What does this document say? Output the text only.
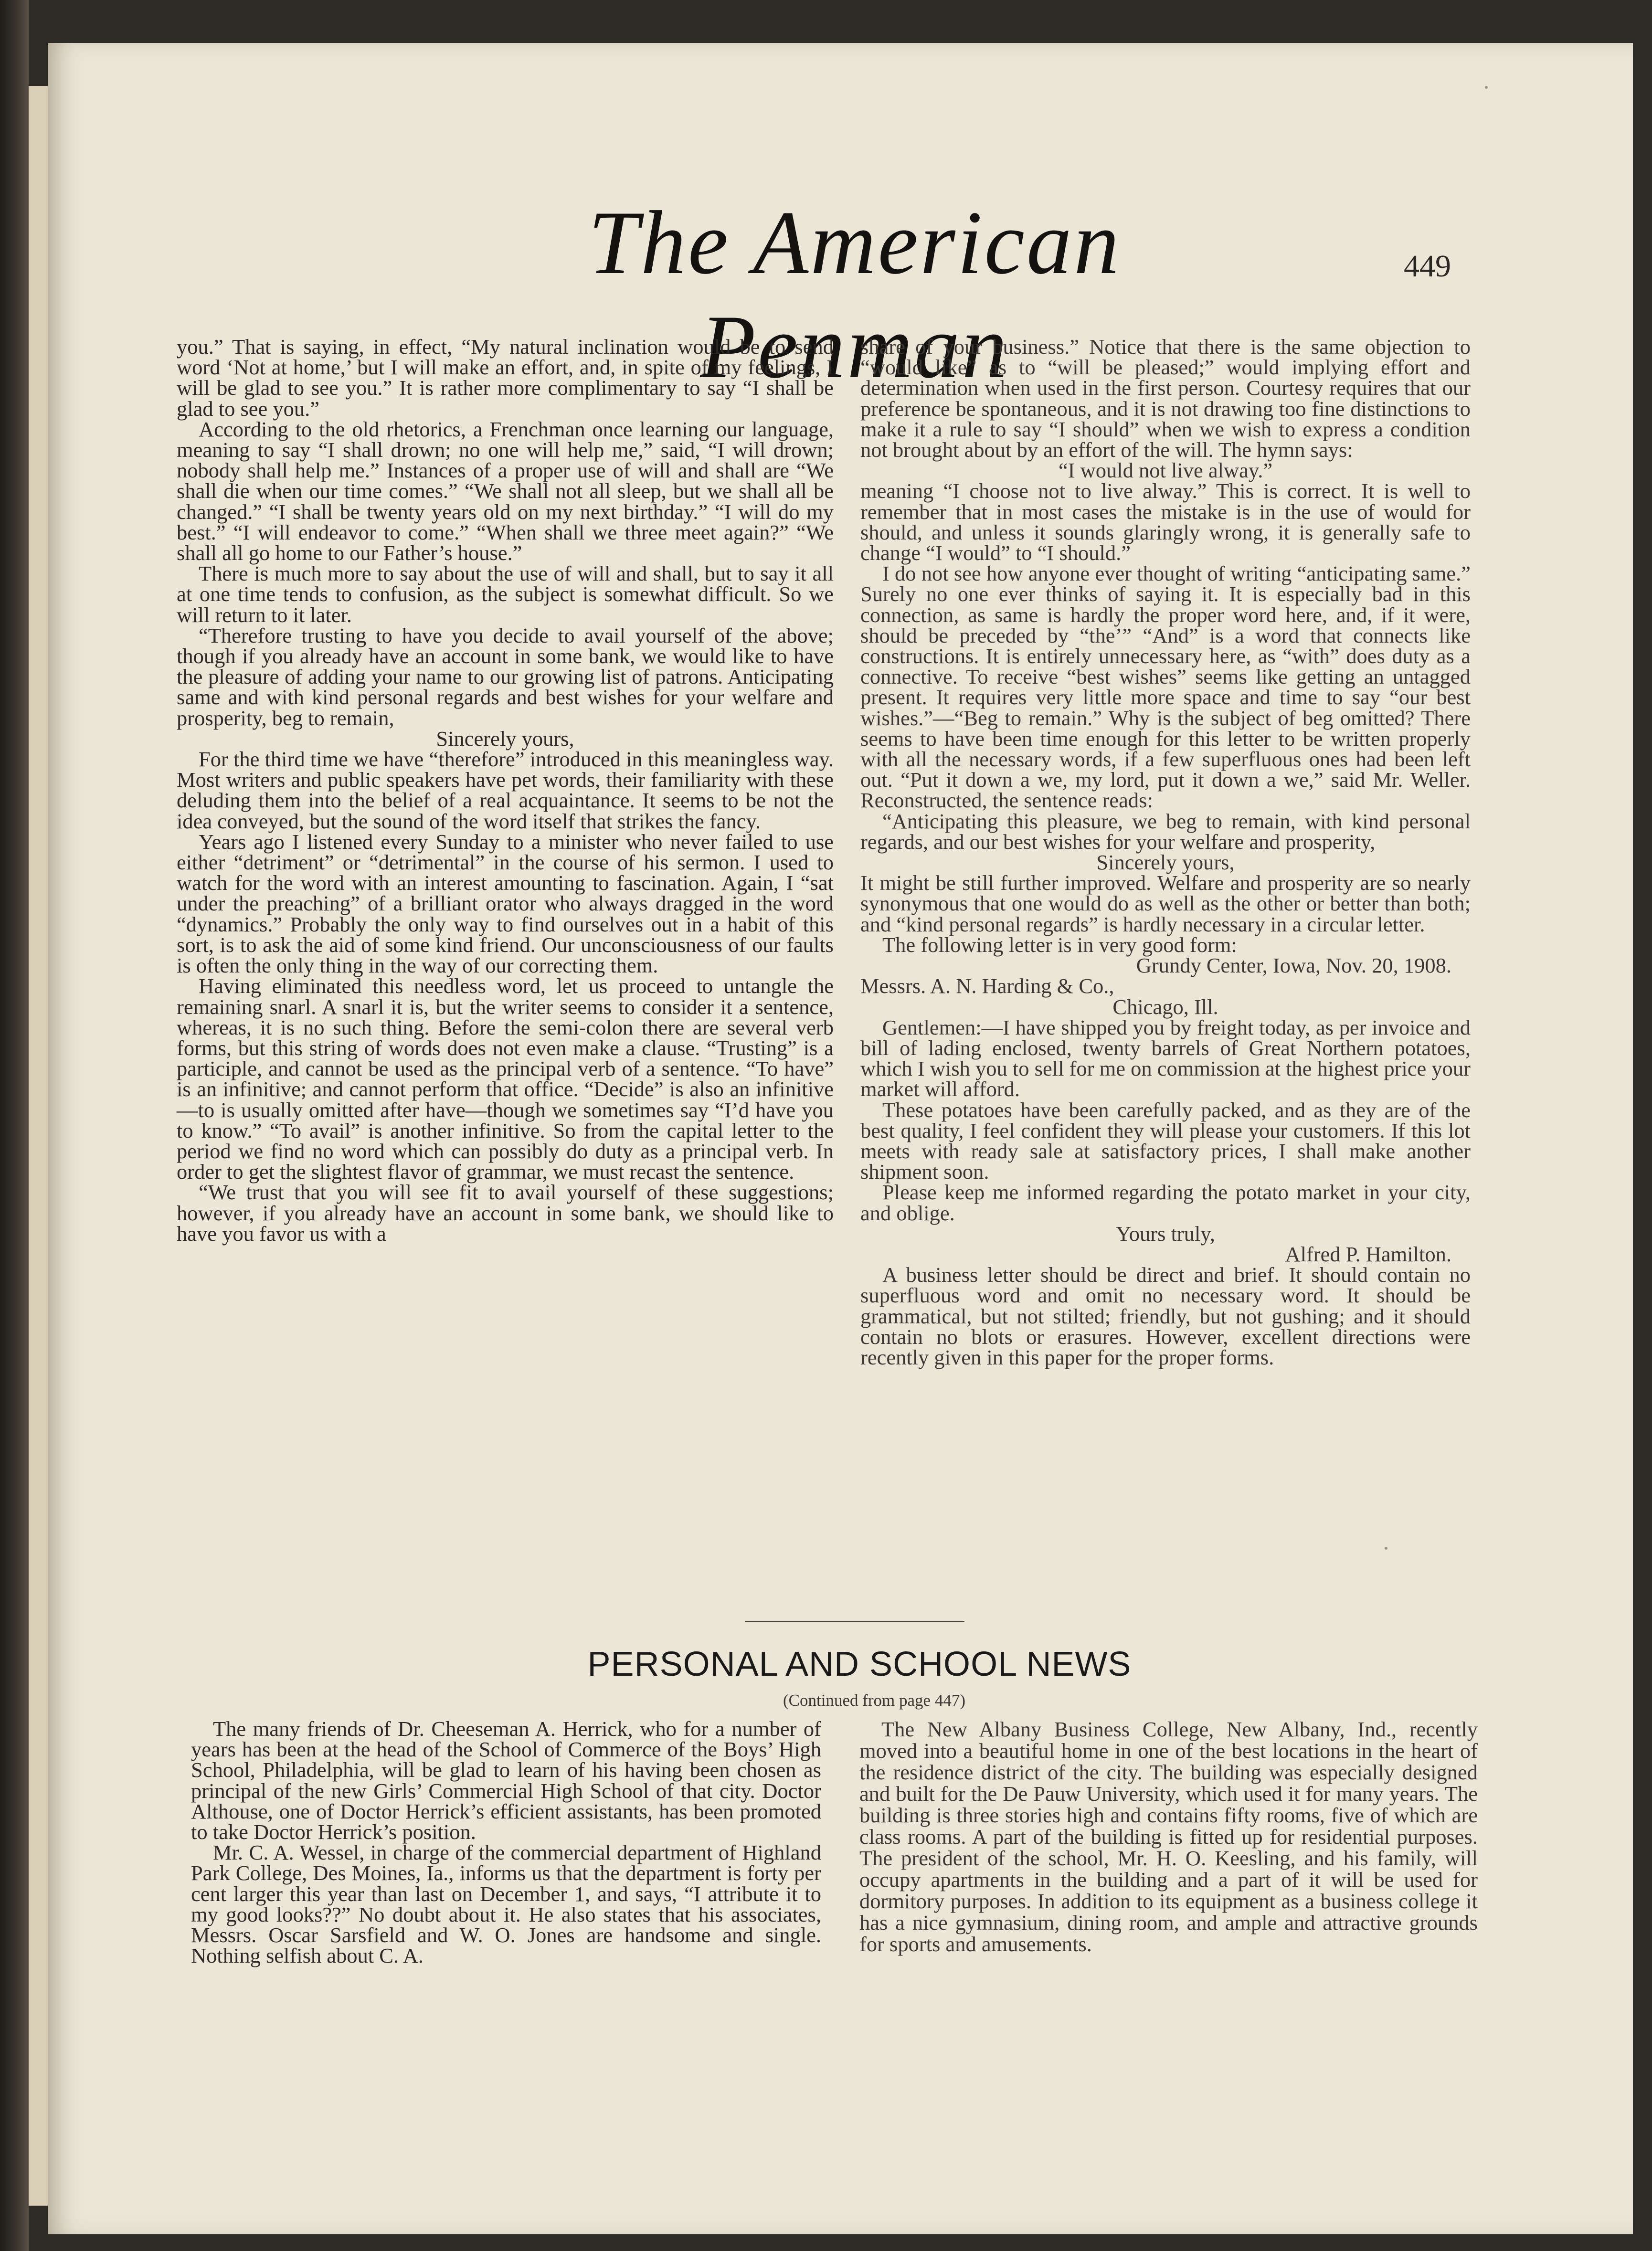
The American Penman
449

you.” That is saying, in effect, “My natural inclination would be to send word ‘Not at home,’ but I will make an effort, and, in spite of my feelings, I will be glad to see you.” It is rather more complimentary to say “I shall be glad to see you.”

According to the old rhetorics, a Frenchman once learning our language, meaning to say “I shall drown; no one will help me,” said, “I will drown; nobody shall help me.” Instances of a proper use of will and shall are “We shall die when our time comes.” “We shall not all sleep, but we shall all be changed.” “I shall be twenty years old on my next birthday.” “I will do my best.” “I will endeavor to come.” “When shall we three meet again?” “We shall all go home to our Father’s house.”

There is much more to say about the use of will and shall, but to say it all at one time tends to confusion, as the subject is somewhat difficult. So we will return to it later.

“Therefore trusting to have you decide to avail yourself of the above; though if you already have an account in some bank, we would like to have the pleasure of adding your name to our growing list of patrons. Anticipating same and with kind personal regards and best wishes for your welfare and prosperity, beg to remain,

Sincerely yours,

For the third time we have “therefore” introduced in this meaningless way. Most writers and public speakers have pet words, their familiarity with these deluding them into the belief of a real acquaintance. It seems to be not the idea conveyed, but the sound of the word itself that strikes the fancy.

Years ago I listened every Sunday to a minister who never failed to use either “detriment” or “detrimental” in the course of his sermon. I used to watch for the word with an interest amounting to fascination. Again, I “sat under the preaching” of a brilliant orator who always dragged in the word “dynamics.” Probably the only way to find ourselves out in a habit of this sort, is to ask the aid of some kind friend. Our unconsciousness of our faults is often the only thing in the way of our correcting them.

Having eliminated this needless word, let us proceed to untangle the remaining snarl. A snarl it is, but the writer seems to consider it a sentence, whereas, it is no such thing. Before the semi-colon there are several verb forms, but this string of words does not even make a clause. “Trusting” is a participle, and cannot be used as the principal verb of a sentence. “To have” is an infinitive; and cannot perform that office. “Decide” is also an infinitive—to is usually omitted after have—though we sometimes say “I’d have you to know.” “To avail” is another infinitive. So from the capital letter to the period we find no word which can possibly do duty as a principal verb. In order to get the slightest flavor of grammar, we must recast the sentence.

“We trust that you will see fit to avail yourself of these suggestions; however, if you already have an account in some bank, we should like to have you favor us with a

share of your business.” Notice that there is the same objection to “would like” as to “will be pleased;” would implying effort and determination when used in the first person. Courtesy requires that our preference be spontaneous, and it is not drawing too fine distinctions to make it a rule to say “I should” when we wish to express a condition not brought about by an effort of the will. The hymn says:

“I would not live alway.”

meaning “I choose not to live alway.” This is correct. It is well to remember that in most cases the mistake is in the use of would for should, and unless it sounds glaringly wrong, it is generally safe to change “I would” to “I should.”

I do not see how anyone ever thought of writing “anticipating same.” Surely no one ever thinks of saying it. It is especially bad in this connection, as same is hardly the proper word here, and, if it were, should be preceded by “the’” “And” is a word that connects like constructions. It is entirely unnecessary here, as “with” does duty as a connective. To receive “best wishes” seems like getting an untagged present. It requires very little more space and time to say “our best wishes.”—“Beg to remain.” Why is the subject of beg omitted? There seems to have been time enough for this letter to be written properly with all the necessary words, if a few superfluous ones had been left out. “Put it down a we, my lord, put it down a we,” said Mr. Weller. Reconstructed, the sentence reads:

“Anticipating this pleasure, we beg to remain, with kind personal regards, and our best wishes for your welfare and prosperity,

Sincerely yours,

It might be still further improved. Welfare and prosperity are so nearly synonymous that one would do as well as the other or better than both; and “kind personal regards” is hardly necessary in a circular letter.

The following letter is in very good form:

Grundy Center, Iowa, Nov. 20, 1908.

Messrs. A. N. Harding & Co.,

Chicago, Ill.

Gentlemen:—I have shipped you by freight today, as per invoice and bill of lading enclosed, twenty barrels of Great Northern potatoes, which I wish you to sell for me on commission at the highest price your market will afford.

These potatoes have been carefully packed, and as they are of the best quality, I feel confident they will please your customers. If this lot meets with ready sale at satisfactory prices, I shall make another shipment soon.

Please keep me informed regarding the potato market in your city, and oblige.

Yours truly,

Alfred P. Hamilton.

A business letter should be direct and brief. It should contain no superfluous word and omit no necessary word. It should be grammatical, but not stilted; friendly, but not gushing; and it should contain no blots or erasures. However, excellent directions were recently given in this paper for the proper forms.

PERSONAL AND SCHOOL NEWS
(Continued from page 447)

The many friends of Dr. Cheeseman A. Herrick, who for a number of years has been at the head of the School of Commerce of the Boys’ High School, Philadelphia, will be glad to learn of his having been chosen as principal of the new Girls’ Commercial High School of that city. Doctor Althouse, one of Doctor Herrick’s efficient assistants, has been promoted to take Doctor Herrick’s position.

Mr. C. A. Wessel, in charge of the commercial department of Highland Park College, Des Moines, Ia., informs us that the department is forty per cent larger this year than last on December 1, and says, “I attribute it to my good looks??” No doubt about it. He also states that his associates, Messrs. Oscar Sarsfield and W. O. Jones are handsome and single. Nothing selfish about C. A.

The New Albany Business College, New Albany, Ind., recently moved into a beautiful home in one of the best locations in the heart of the residence district of the city. The building was especially designed and built for the De Pauw University, which used it for many years. The building is three stories high and contains fifty rooms, five of which are class rooms. A part of the building is fitted up for residential purposes. The president of the school, Mr. H. O. Keesling, and his family, will occupy apartments in the building and a part of it will be used for dormitory purposes. In addition to its equipment as a business college it has a nice gymnasium, dining room, and ample and attractive grounds for sports and amusements.
